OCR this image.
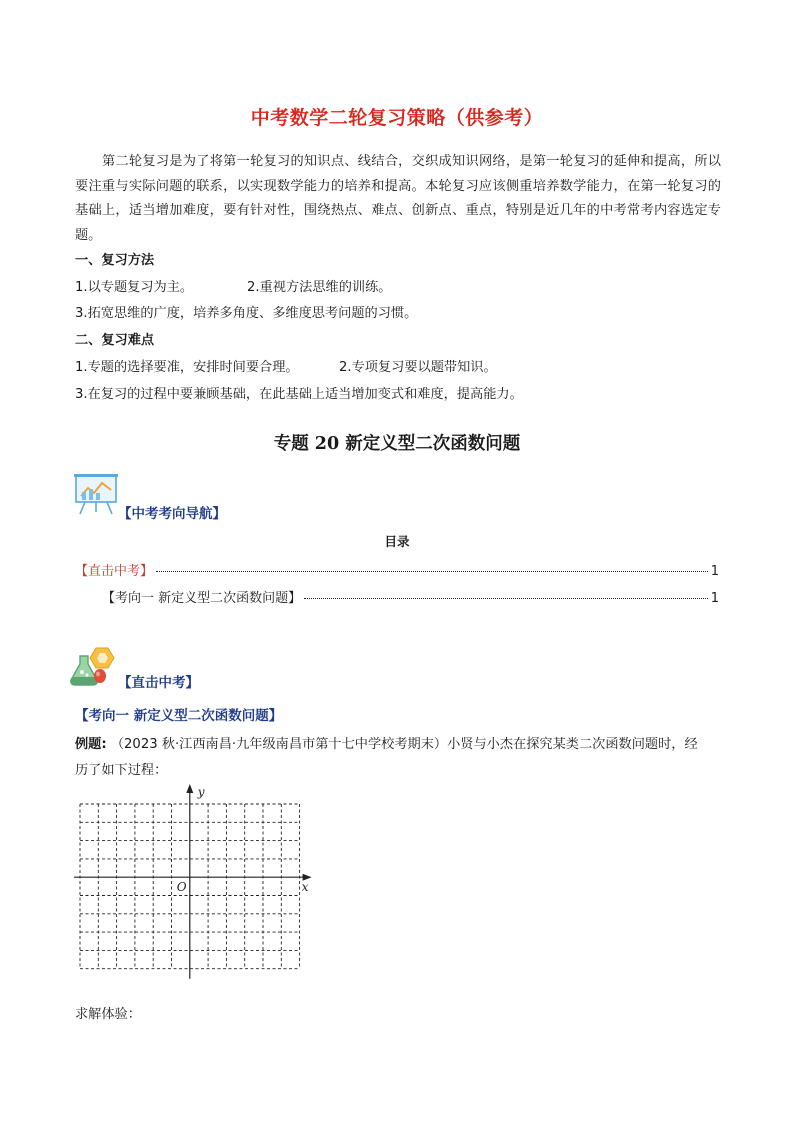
中考数学二轮复习策略（供参考）
第二轮复习是为了将第一轮复习的知识点、线结合，交织成知识网络，是第一轮复习的延伸和提高，所以要注重与实际问题的联系，以实现数学能力的培养和提高。本轮复习应该侧重培养数学能力，在第一轮复习的基础上，适当增加难度，要有针对性，围绕热点、难点、创新点、重点，特别是近几年的中考常考内容选定专题。
一、复习方法
1.以专题复习为主。	2.重视方法思维的训练。
3.拓宽思维的广度，培养多角度、多维度思考问题的习惯。
二、复习难点
1.专题的选择要准，安排时间要合理。	2.专项复习要以题带知识。
3.在复习的过程中要兼顾基础，在此基础上适当增加变式和难度，提高能力。
专题 20 新定义型二次函数问题
【中考考向导航】
目录
【直击中考】	1
【考向一 新定义型二次函数问题】	1
【直击中考】
【考向一 新定义型二次函数问题】
例题: （2023 秋·江西南昌·九年级南昌市第十七中学校考期末）小贤与小杰在探究某类二次函数问题时，经
历了如下过程：
y
x
O
求解体验：
